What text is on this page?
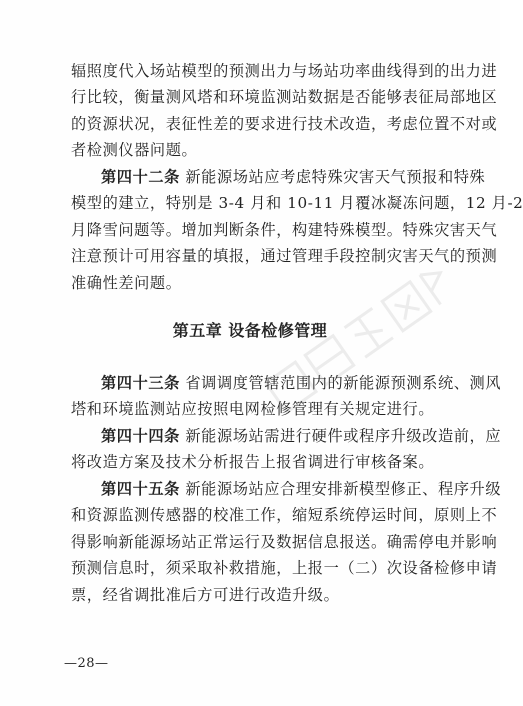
辐照度代入场站模型的预测出力与场站功率曲线得到的出力进
行比较，衡量测风塔和环境监测站数据是否能够表征局部地区
的资源状况，表征性差的要求进行技术改造，考虑位置不对或
者检测仪器问题。
第四十二条 新能源场站应考虑特殊灾害天气预报和特殊
模型的建立，特别是 3-4 月和 10-11 月覆冰凝冻问题，12 月-2
月降雪问题等。增加判断条件，构建特殊模型。特殊灾害天气
注意预计可用容量的填报，通过管理手段控制灾害天气的预测
准确性差问题。
第五章 设备检修管理
第四十三条 省调调度管辖范围内的新能源预测系统、测风
塔和环境监测站应按照电网检修管理有关规定进行。
第四十四条 新能源场站需进行硬件或程序升级改造前，应
将改造方案及技术分析报告上报省调进行审核备案。
第四十五条 新能源场站应合理安排新模型修正、程序升级
和资源监测传感器的校准工作，缩短系统停运时间，原则上不
得影响新能源场站正常运行及数据信息报送。确需停电并影响
预测信息时，须采取补救措施，上报一（二）次设备检修申请
票，经省调批准后方可进行改造升级。
—28—
